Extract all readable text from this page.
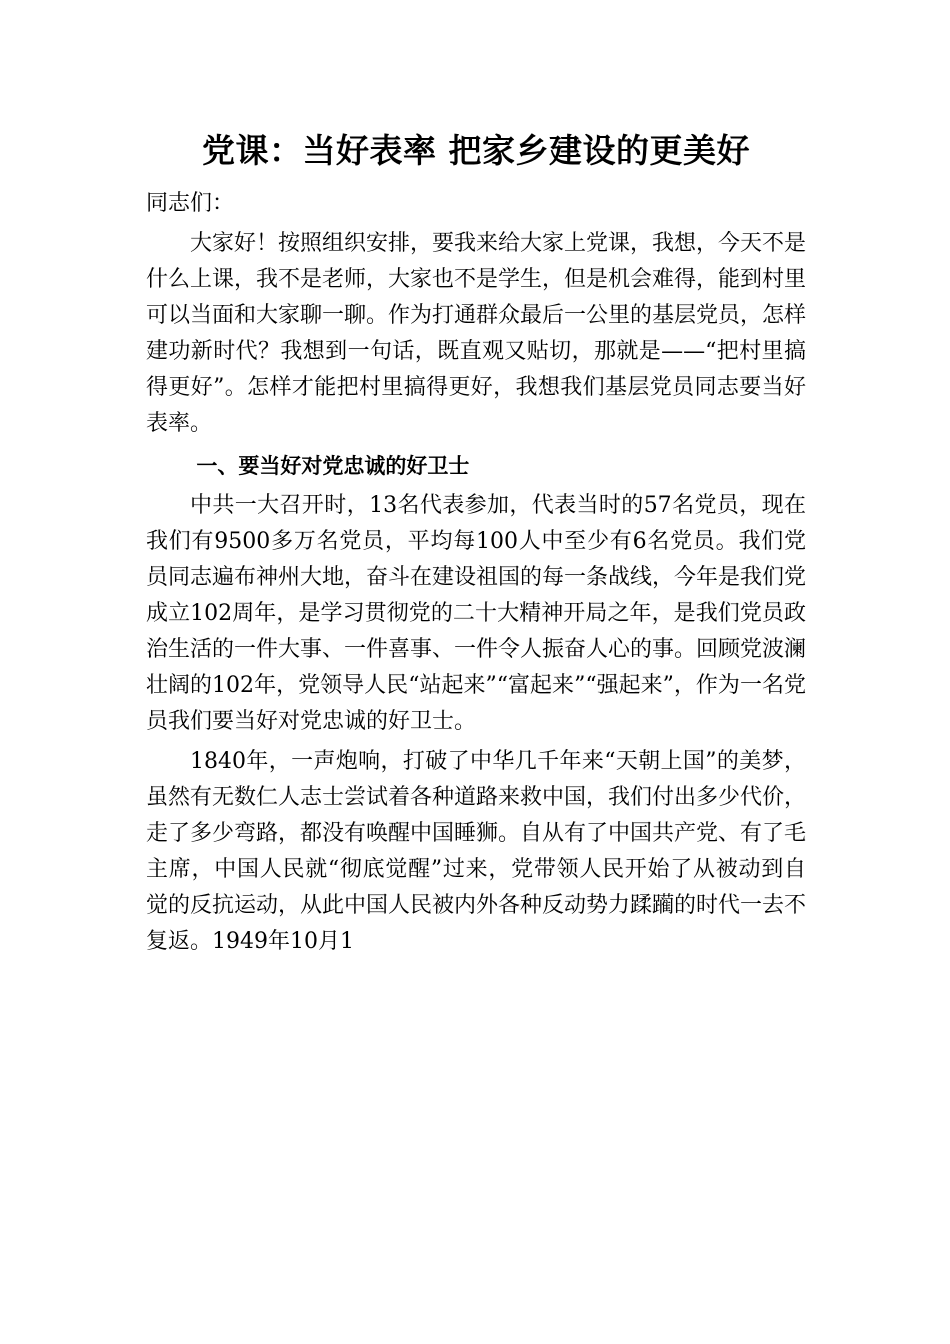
党课：当好表率 把家乡建设的更美好

同志们：

大家好！按照组织安排，要我来给大家上党课，我想，今天不是什么上课，我不是老师，大家也不是学生，但是机会难得，能到村里可以当面和大家聊一聊。作为打通群众最后一公里的基层党员，怎样建功新时代？我想到一句话，既直观又贴切，那就是——“把村里搞得更好”。怎样才能把村里搞得更好，我想我们基层党员同志要当好表率。

一、要当好对党忠诚的好卫士

中共一大召开时，13名代表参加，代表当时的57名党员，现在我们有9500多万名党员，平均每100人中至少有6名党员。我们党员同志遍布神州大地，奋斗在建设祖国的每一条战线，今年是我们党成立102周年，是学习贯彻党的二十大精神开局之年，是我们党员政治生活的一件大事、一件喜事、一件令人振奋人心的事。回顾党波澜壮阔的102年，党领导人民“站起来”“富起来”“强起来”，作为一名党员我们要当好对党忠诚的好卫士。

1840年，一声炮响，打破了中华几千年来“天朝上国”的美梦，虽然有无数仁人志士尝试着各种道路来救中国，我们付出多少代价，走了多少弯路，都没有唤醒中国睡狮。自从有了中国共产党、有了毛主席，中国人民就“彻底觉醒”过来，党带领人民开始了从被动到自觉的反抗运动，从此中国人民被内外各种反动势力蹂躏的时代一去不复返。1949年10月1
